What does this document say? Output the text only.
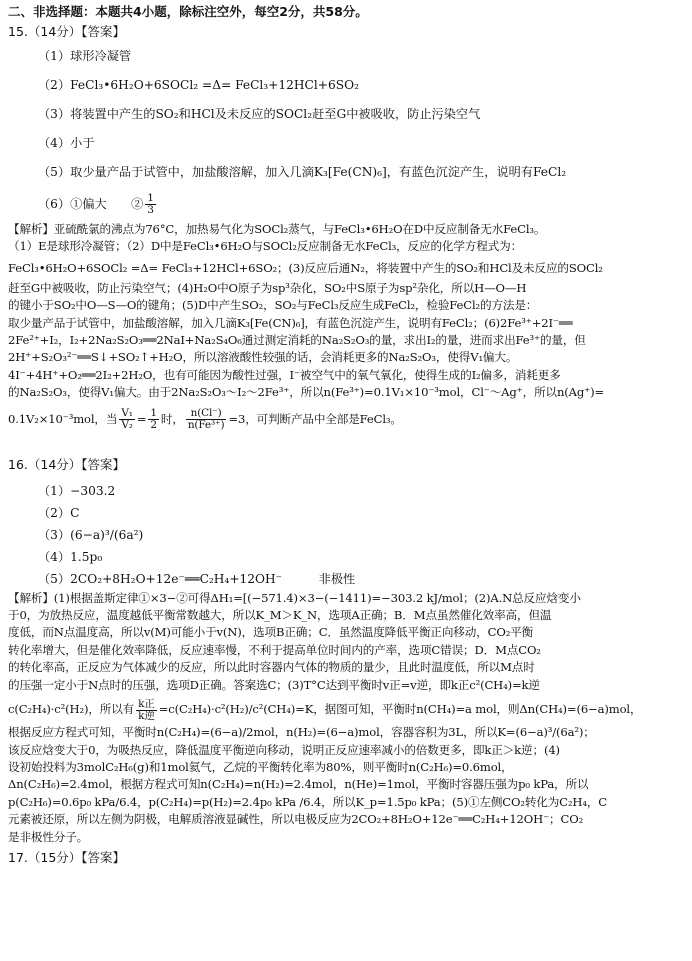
二、非选择题：本题共4小题，除标注空外，每空2分，共58分。
15.（14分）【答案】
（1）球形冷凝管
（2）FeCl₃•6H₂O+6SOCl₂ =Δ= FeCl₃+12HCl+6SO₂
（3）将装置中产生的SO₂和HCl及未反应的SOCl₂赶至G中被吸收，防止污染空气
（4）小于
（5）取少量产品于试管中，加盐酸溶解，加入几滴K₃[Fe(CN)₆]，有蓝色沉淀产生，说明有FeCl₂
（6）①偏大　　② $\frac{1}{3}$
【解析】亚硫酰氯的沸点为76°C，加热易气化为SOCl₂蒸气，与FeCl₃•6H₂O在D中反应制备无水FeCl₃。
（1）E是球形冷凝管；（2）D中是FeCl₃•6H₂O与SOCl₂反应制备无水FeCl₃，反应的化学方程式为：
FeCl₃•6H₂O+6SOCl₂ =Δ= FeCl₃+12HCl+6SO₂；(3)反应后通N₂，将装置中产生的SO₂和HCl及未反应的SOCl₂
赶至G中被吸收，防止污染空气；(4)H₂O中O原子为sp³杂化，SO₂中S原子为sp²杂化，所以H—O—H
的键小于SO₂中O—S—O的键角；(5)D中产生SO₂，SO₂与FeCl₃反应生成FeCl₂，检验FeCl₂的方法是：
取少量产品于试管中，加盐酸溶解，加入几滴K₃[Fe(CN)₆]，有蓝色沉淀产生，说明有FeCl₂；(6)2Fe³⁺+2I⁻══
2Fe²⁺+I₂，I₂+2Na₂S₂O₃══2NaI+Na₂S₄O₆通过测定消耗的Na₂S₂O₃的量，求出I₂的量，进而求出Fe³⁺的量，但
2H⁺+S₂O₃²⁻══S↓+SO₂↑+H₂O，所以溶液酸性较强的话，会消耗更多的Na₂S₂O₃，使得V₁偏大。
4I⁻+4H⁺+O₂══2I₂+2H₂O，也有可能因为酸性过强，I⁻被空气中的氧气氧化，使得生成的I₂偏多，消耗更多
的Na₂S₂O₃，使得V₁偏大。由于2Na₂S₂O₃～I₂～2Fe³⁺，所以n(Fe³⁺)=0.1V₁×10⁻³mol，Cl⁻～Ag⁺，所以n(Ag⁺)=
0.1V₂×10⁻³mol，当 $\frac{\text{V₁}}{\text{V₂}} = \frac{1}{2}$ 时， $\frac{n(Cl^-)}{\text{n(Fe³⁺)}} =3$，可判断产品中全部是FeCl₃。
16.（14分）【答案】
（1）−303.2
（2）C
（3）(6−a)³/(6a²)
（4）1.5p₀
（5）2CO₂+8H₂O+12e⁻══C₂H₄+12OH⁻　　　非极性
【解析】(1)根据盖斯定律①×3−②可得ΔH₁=[(−571.4)×3−(−1411)=−303.2 kJ/mol；(2)A.N总反应焓变小
于0，为放热反应，温度越低平衡常数越大，所以K_M＞K_N，选项A正确；B．M点虽然催化效率高，但温
度低，而N点温度高，所以v(M)可能小于v(N)，选项B正确；C．虽然温度降低平衡正向移动，CO₂平衡
转化率增大，但是催化效率降低，反应速率慢，不利于提高单位时间内的产率，选项C错误；D．M点CO₂
的转化率高，正反应为气体减少的反应，所以此时容器内气体的物质的量少，且此时温度低，所以M点时
的压强一定小于N点时的压强，选项D正确。答案选C；(3)T°C达到平衡时v正=v逆，即k正c²(CH₄)=k逆
c(C₂H₄)·c²(H₂)，所以有 $\frac{\text{k正}}{\text{k逆}} =c(C_2H_4)\cdot c^2(H_2)/c^2(CH_4)=K$，据图可知，平衡时n(CH₄)=a mol，则Δn(CH₄)=(6−a)mol，
根据反应方程式可知，平衡时n(C₂H₄)=(6−a)/2mol，n(H₂)=(6−a)mol，容器容积为3L，所以K=(6−a)³/(6a²)；
该反应焓变大于0，为吸热反应，降低温度平衡逆向移动，说明正反应速率减小的倍数更多，即k正＞k逆；(4)
设初始投料为3molC₂H₆(g)和1mol氦气，乙烷的平衡转化率为80%，则平衡时n(C₂H₆)=0.6mol，
Δn(C₂H₆)=2.4mol，根据方程式可知n(C₂H₄)=n(H₂)=2.4mol，n(He)=1mol，平衡时容器压强为p₀ kPa，所以
p(C₂H₆)=0.6p₀ kPa/6.4，p(C₂H₄)=p(H₂)=2.4p₀ kPa /6.4，所以K_p=1.5p₀ kPa；(5)①左侧CO₂转化为C₂H₄，C
元素被还原，所以左侧为阴极，电解质溶液显碱性，所以电极反应为2CO₂+8H₂O+12e⁻══C₂H₄+12OH⁻；CO₂
是非极性分子。
17.（15分）【答案】
